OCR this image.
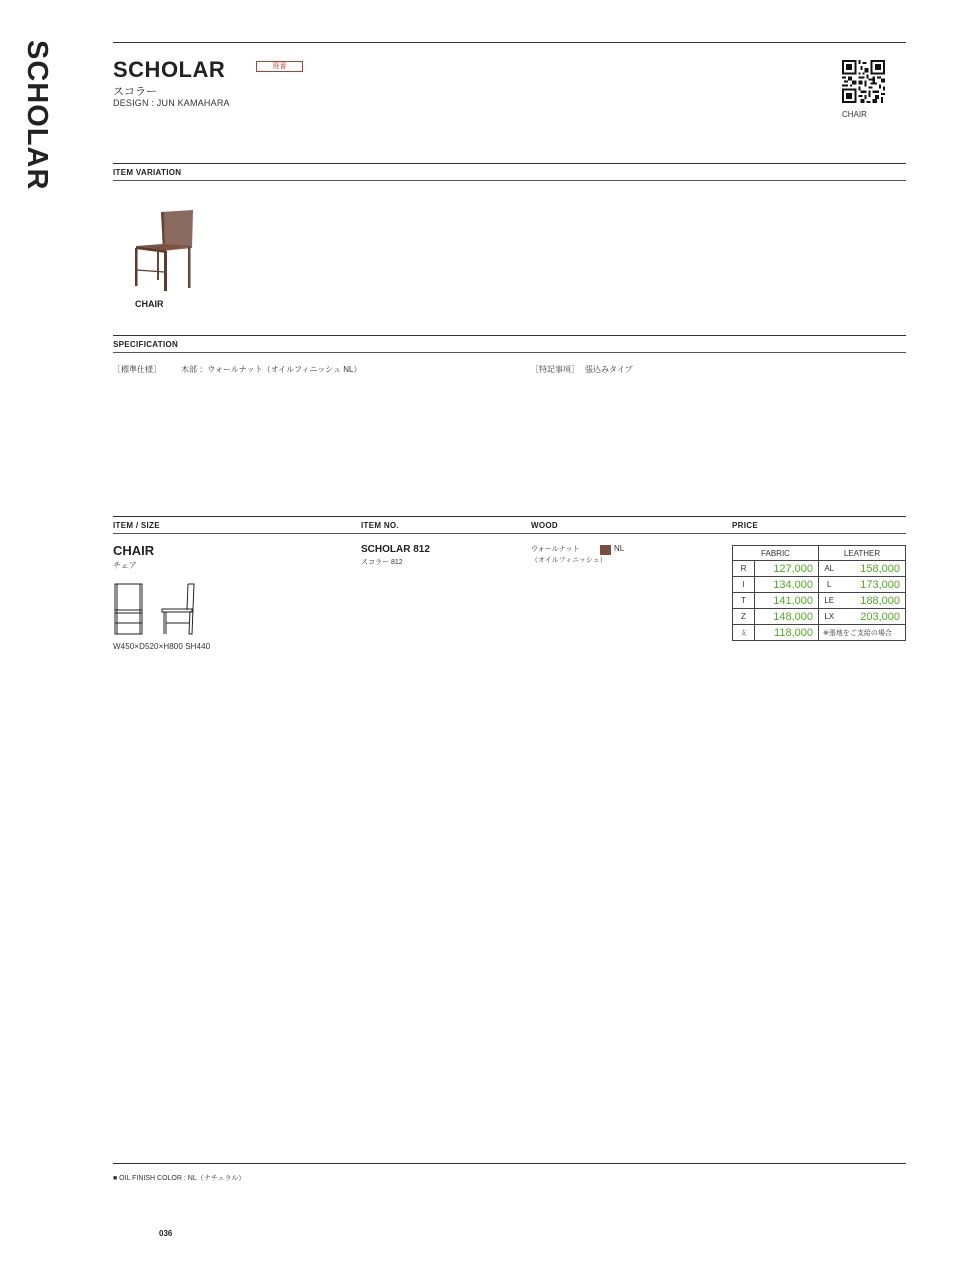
SCHOLAR	SCHOLAR	廃番
スコラー
DESIGN : JUN KAMAHARA
CHAIR
ITEM VARIATION
CHAIR
SPECIFICATION
［標準仕様］	木部 ：ウォールナット（オイルフィニッシュ NL）	［特記事項］ 張込みタイプ
ITEM / SIZE	ITEM NO.	WOOD	PRICE
CHAIR
チェア
W450×D520×H800 SH440
SCHOLAR 812
スコラー 812
ウォールナット
（オイルフィニッシュ）
NL	FABRIC		LEATHER	
R	127,000	AL	158,000
I	134,000	L	173,000
T	141,000	LE	188,000
Z	148,000	LX	203,000
支	118,000	※張地をご支給の場合	
■ OIL FINISH COLOR : NL（ナチュラル）
036
